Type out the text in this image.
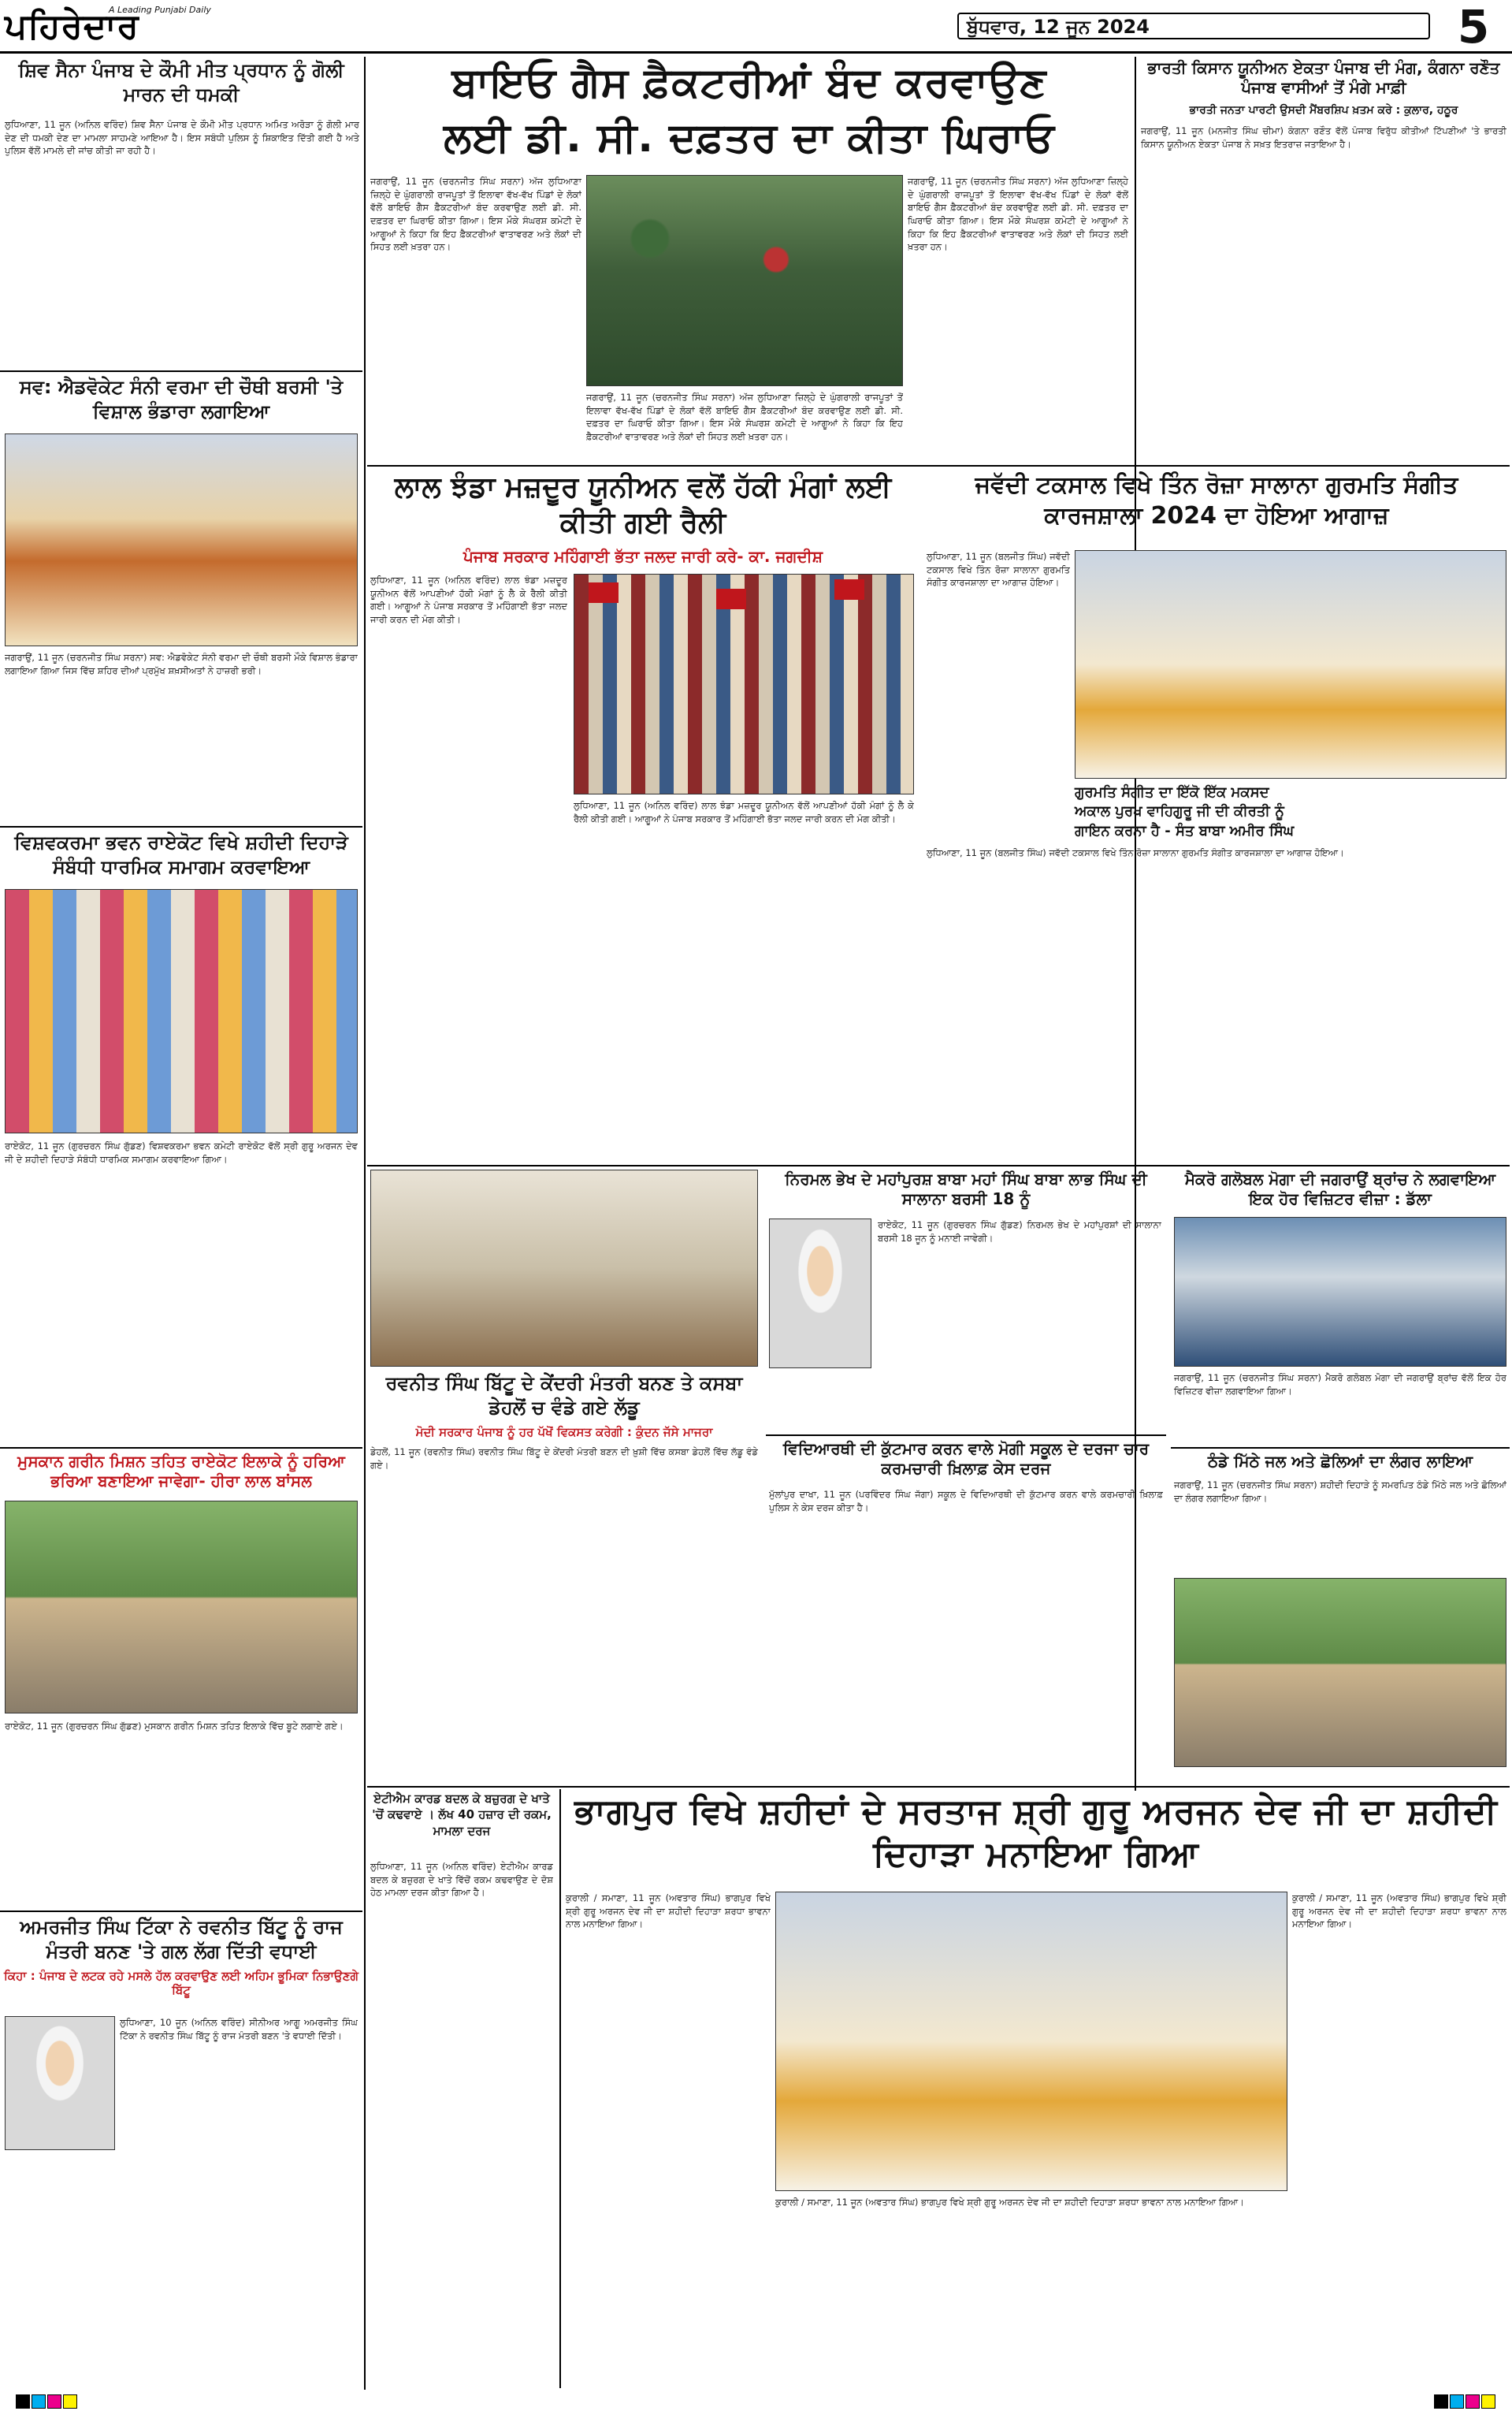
ਪਹਿਰੇਦਾਰ
A Leading Punjabi Daily
ਬੁੱਧਵਾਰ, 12 ਜੂਨ 2024	5
ਸ਼ਿਵ ਸੈਨਾ ਪੰਜਾਬ ਦੇ ਕੌਮੀ ਮੀਤ ਪ੍ਰਧਾਨ ਨੂੰ ਗੋਲੀ ਮਾਰਨ ਦੀ ਧਮਕੀ
ਲੁਧਿਆਣਾ, 11 ਜੂਨ (ਅਨਿਲ ਵਰਿੰਦ) ਸ਼ਿਵ ਸੈਨਾ ਪੰਜਾਬ ਦੇ ਕੌਮੀ ਮੀਤ ਪ੍ਰਧਾਨ ਅਮਿਤ ਅਰੋੜਾ ਨੂੰ ਗੋਲੀ ਮਾਰ ਦੇਣ ਦੀ ਧਮਕੀ ਦੇਣ ਦਾ ਮਾਮਲਾ ਸਾਹਮਣੇ ਆਇਆ ਹੈ। ਇਸ ਸਬੰਧੀ ਪੁਲਿਸ ਨੂੰ ਸ਼ਿਕਾਇਤ ਦਿੱਤੀ ਗਈ ਹੈ ਅਤੇ ਪੁਲਿਸ ਵੱਲੋਂ ਮਾਮਲੇ ਦੀ ਜਾਂਚ ਕੀਤੀ ਜਾ ਰਹੀ ਹੈ।
ਸਵ: ਐਡਵੋਕੇਟ ਸੰਨੀ ਵਰਮਾ ਦੀ ਚੌਥੀ ਬਰਸੀ 'ਤੇ ਵਿਸ਼ਾਲ ਭੰਡਾਰਾ ਲਗਾਇਆ
ਜਗਰਾਉਂ, 11 ਜੂਨ (ਚਰਨਜੀਤ ਸਿੰਘ ਸਰਨਾ) ਸਵ: ਐਡਵੋਕੇਟ ਸੰਨੀ ਵਰਮਾ ਦੀ ਚੌਥੀ ਬਰਸੀ ਮੌਕੇ ਵਿਸ਼ਾਲ ਭੰਡਾਰਾ ਲਗਾਇਆ ਗਿਆ ਜਿਸ ਵਿੱਚ ਸ਼ਹਿਰ ਦੀਆਂ ਪ੍ਰਮੁੱਖ ਸ਼ਖ਼ਸੀਅਤਾਂ ਨੇ ਹਾਜ਼ਰੀ ਭਰੀ।
ਵਿਸ਼ਵਕਰਮਾ ਭਵਨ ਰਾਏਕੋਟ ਵਿਖੇ ਸ਼ਹੀਦੀ ਦਿਹਾੜੇ ਸੰਬੰਧੀ ਧਾਰਮਿਕ ਸਮਾਗਮ ਕਰਵਾਇਆ
ਰਾਏਕੋਟ, 11 ਜੂਨ (ਗੁਰਚਰਨ ਸਿੰਘ ਗੁੱਡਣ) ਵਿਸ਼ਵਕਰਮਾ ਭਵਨ ਕਮੇਟੀ ਰਾਏਕੋਟ ਵੱਲੋਂ ਸ੍ਰੀ ਗੁਰੂ ਅਰਜਨ ਦੇਵ ਜੀ ਦੇ ਸ਼ਹੀਦੀ ਦਿਹਾੜੇ ਸੰਬੰਧੀ ਧਾਰਮਿਕ ਸਮਾਗਮ ਕਰਵਾਇਆ ਗਿਆ।
ਮੁਸਕਾਨ ਗਰੀਨ ਮਿਸ਼ਨ ਤਹਿਤ ਰਾਏਕੋਟ ਇਲਾਕੇ ਨੂੰ ਹਰਿਆ ਭਰਿਆ ਬਣਾਇਆ ਜਾਵੇਗਾ- ਹੀਰਾ ਲਾਲ ਬਾਂਸਲ
ਰਾਏਕੋਟ, 11 ਜੂਨ (ਗੁਰਚਰਨ ਸਿੰਘ ਗੁੱਡਣ) ਮੁਸਕਾਨ ਗਰੀਨ ਮਿਸ਼ਨ ਤਹਿਤ ਇਲਾਕੇ ਵਿੱਚ ਬੂਟੇ ਲਗਾਏ ਗਏ।
ਅਮਰਜੀਤ ਸਿੰਘ ਟਿੱਕਾ ਨੇ ਰਵਨੀਤ ਬਿੱਟੂ ਨੂੰ ਰਾਜ ਮੰਤਰੀ ਬਨਣ 'ਤੇ ਗਲ ਲੱਗ ਦਿੱਤੀ ਵਧਾਈ
ਕਿਹਾ : ਪੰਜਾਬ ਦੇ ਲਟਕ ਰਹੇ ਮਸਲੇ ਹੱਲ ਕਰਵਾਉਣ ਲਈ ਅਹਿਮ ਭੂਮਿਕਾ ਨਿਭਾਉਣਗੇ ਬਿੱਟੂ
ਲੁਧਿਆਣਾ, 10 ਜੂਨ (ਅਨਿਲ ਵਰਿੰਦ) ਸੀਨੀਅਰ ਆਗੂ ਅਮਰਜੀਤ ਸਿੰਘ ਟਿੱਕਾ ਨੇ ਰਵਨੀਤ ਸਿੰਘ ਬਿੱਟੂ ਨੂੰ ਰਾਜ ਮੰਤਰੀ ਬਣਨ 'ਤੇ ਵਧਾਈ ਦਿੱਤੀ।
ਬਾਇਓ ਗੈਸ ਫ਼ੈਕਟਰੀਆਂ ਬੰਦ ਕਰਵਾਉਣ
ਲਈ ਡੀ. ਸੀ. ਦਫ਼ਤਰ ਦਾ ਕੀਤਾ ਘਿਰਾਓ
ਜਗਰਾਉਂ, 11 ਜੂਨ (ਚਰਨਜੀਤ ਸਿੰਘ ਸਰਨਾ) ਅੱਜ ਲੁਧਿਆਣਾ ਜ਼ਿਲ੍ਹੇ ਦੇ ਘੁੰਗਰਾਲੀ ਰਾਜਪੂਤਾਂ ਤੋਂ ਇਲਾਵਾ ਵੱਖ-ਵੱਖ ਪਿੰਡਾਂ ਦੇ ਲੋਕਾਂ ਵੱਲੋਂ ਬਾਇਓ ਗੈਸ ਫ਼ੈਕਟਰੀਆਂ ਬੰਦ ਕਰਵਾਉਣ ਲਈ ਡੀ. ਸੀ. ਦਫ਼ਤਰ ਦਾ ਘਿਰਾਓ ਕੀਤਾ ਗਿਆ। ਇਸ ਮੌਕੇ ਸੰਘਰਸ਼ ਕਮੇਟੀ ਦੇ ਆਗੂਆਂ ਨੇ ਕਿਹਾ ਕਿ ਇਹ ਫ਼ੈਕਟਰੀਆਂ ਵਾਤਾਵਰਣ ਅਤੇ ਲੋਕਾਂ ਦੀ ਸਿਹਤ ਲਈ ਖ਼ਤਰਾ ਹਨ।
ਜਗਰਾਉਂ, 11 ਜੂਨ (ਚਰਨਜੀਤ ਸਿੰਘ ਸਰਨਾ) ਅੱਜ ਲੁਧਿਆਣਾ ਜ਼ਿਲ੍ਹੇ ਦੇ ਘੁੰਗਰਾਲੀ ਰਾਜਪੂਤਾਂ ਤੋਂ ਇਲਾਵਾ ਵੱਖ-ਵੱਖ ਪਿੰਡਾਂ ਦੇ ਲੋਕਾਂ ਵੱਲੋਂ ਬਾਇਓ ਗੈਸ ਫ਼ੈਕਟਰੀਆਂ ਬੰਦ ਕਰਵਾਉਣ ਲਈ ਡੀ. ਸੀ. ਦਫ਼ਤਰ ਦਾ ਘਿਰਾਓ ਕੀਤਾ ਗਿਆ। ਇਸ ਮੌਕੇ ਸੰਘਰਸ਼ ਕਮੇਟੀ ਦੇ ਆਗੂਆਂ ਨੇ ਕਿਹਾ ਕਿ ਇਹ ਫ਼ੈਕਟਰੀਆਂ ਵਾਤਾਵਰਣ ਅਤੇ ਲੋਕਾਂ ਦੀ ਸਿਹਤ ਲਈ ਖ਼ਤਰਾ ਹਨ।
ਜਗਰਾਉਂ, 11 ਜੂਨ (ਚਰਨਜੀਤ ਸਿੰਘ ਸਰਨਾ) ਅੱਜ ਲੁਧਿਆਣਾ ਜ਼ਿਲ੍ਹੇ ਦੇ ਘੁੰਗਰਾਲੀ ਰਾਜਪੂਤਾਂ ਤੋਂ ਇਲਾਵਾ ਵੱਖ-ਵੱਖ ਪਿੰਡਾਂ ਦੇ ਲੋਕਾਂ ਵੱਲੋਂ ਬਾਇਓ ਗੈਸ ਫ਼ੈਕਟਰੀਆਂ ਬੰਦ ਕਰਵਾਉਣ ਲਈ ਡੀ. ਸੀ. ਦਫ਼ਤਰ ਦਾ ਘਿਰਾਓ ਕੀਤਾ ਗਿਆ। ਇਸ ਮੌਕੇ ਸੰਘਰਸ਼ ਕਮੇਟੀ ਦੇ ਆਗੂਆਂ ਨੇ ਕਿਹਾ ਕਿ ਇਹ ਫ਼ੈਕਟਰੀਆਂ ਵਾਤਾਵਰਣ ਅਤੇ ਲੋਕਾਂ ਦੀ ਸਿਹਤ ਲਈ ਖ਼ਤਰਾ ਹਨ।
ਭਾਰਤੀ ਕਿਸਾਨ ਯੂਨੀਅਨ ਏਕਤਾ ਪੰਜਾਬ ਦੀ ਮੰਗ, ਕੰਗਨਾ ਰਣੌਤ ਪੰਜਾਬ ਵਾਸੀਆਂ ਤੋਂ ਮੰਗੇ ਮਾਫ਼ੀ
ਭਾਰਤੀ ਜਨਤਾ ਪਾਰਟੀ ਉਸਦੀ ਮੈਂਬਰਸ਼ਿਪ ਖ਼ਤਮ ਕਰੇ : ਕੁਲਾਰ, ਹਠੂਰ
ਜਗਰਾਉਂ, 11 ਜੂਨ (ਮਨਜੀਤ ਸਿੰਘ ਚੀਮਾ) ਕੰਗਨਾ ਰਣੌਤ ਵੱਲੋਂ ਪੰਜਾਬ ਵਿਰੁੱਧ ਕੀਤੀਆਂ ਟਿੱਪਣੀਆਂ 'ਤੇ ਭਾਰਤੀ ਕਿਸਾਨ ਯੂਨੀਅਨ ਏਕਤਾ ਪੰਜਾਬ ਨੇ ਸਖ਼ਤ ਇਤਰਾਜ਼ ਜਤਾਇਆ ਹੈ।
ਲਾਲ ਝੰਡਾ ਮਜ਼ਦੂਰ ਯੂਨੀਅਨ ਵਲੋਂ ਹੱਕੀ ਮੰਗਾਂ ਲਈ ਕੀਤੀ ਗਈ ਰੈਲੀ
ਪੰਜਾਬ ਸਰਕਾਰ ਮਹਿੰਗਾਈ ਭੱਤਾ ਜਲਦ ਜਾਰੀ ਕਰੇ- ਕਾ. ਜਗਦੀਸ਼
ਲੁਧਿਆਣਾ, 11 ਜੂਨ (ਅਨਿਲ ਵਰਿੰਦ) ਲਾਲ ਝੰਡਾ ਮਜ਼ਦੂਰ ਯੂਨੀਅਨ ਵੱਲੋਂ ਆਪਣੀਆਂ ਹੱਕੀ ਮੰਗਾਂ ਨੂੰ ਲੈ ਕੇ ਰੈਲੀ ਕੀਤੀ ਗਈ। ਆਗੂਆਂ ਨੇ ਪੰਜਾਬ ਸਰਕਾਰ ਤੋਂ ਮਹਿੰਗਾਈ ਭੱਤਾ ਜਲਦ ਜਾਰੀ ਕਰਨ ਦੀ ਮੰਗ ਕੀਤੀ।
ਲੁਧਿਆਣਾ, 11 ਜੂਨ (ਅਨਿਲ ਵਰਿੰਦ) ਲਾਲ ਝੰਡਾ ਮਜ਼ਦੂਰ ਯੂਨੀਅਨ ਵੱਲੋਂ ਆਪਣੀਆਂ ਹੱਕੀ ਮੰਗਾਂ ਨੂੰ ਲੈ ਕੇ ਰੈਲੀ ਕੀਤੀ ਗਈ। ਆਗੂਆਂ ਨੇ ਪੰਜਾਬ ਸਰਕਾਰ ਤੋਂ ਮਹਿੰਗਾਈ ਭੱਤਾ ਜਲਦ ਜਾਰੀ ਕਰਨ ਦੀ ਮੰਗ ਕੀਤੀ।
ਜਵੱਦੀ ਟਕਸਾਲ ਵਿਖੇ ਤਿੰਨ ਰੋਜ਼ਾ ਸਾਲਾਨਾ ਗੁਰਮਤਿ ਸੰਗੀਤ ਕਾਰਜਸ਼ਾਲਾ 2024 ਦਾ ਹੋਇਆ ਆਗਾਜ਼
ਲੁਧਿਆਣਾ, 11 ਜੂਨ (ਬਲਜੀਤ ਸਿੰਘ) ਜਵੱਦੀ ਟਕਸਾਲ ਵਿਖੇ ਤਿੰਨ ਰੋਜ਼ਾ ਸਾਲਾਨਾ ਗੁਰਮਤਿ ਸੰਗੀਤ ਕਾਰਜਸ਼ਾਲਾ ਦਾ ਆਗਾਜ਼ ਹੋਇਆ।
ਗੁਰਮਤਿ ਸੰਗੀਤ ਦਾ ਇੱਕੋ ਇੱਕ ਮਕਸਦ ਅਕਾਲ ਪੁਰਖ ਵਾਹਿਗੁਰੂ ਜੀ ਦੀ ਕੀਰਤੀ ਨੂੰ ਗਾਇਨ ਕਰਨਾ ਹੈ - ਸੰਤ ਬਾਬਾ ਅਮੀਰ ਸਿੰਘ
ਲੁਧਿਆਣਾ, 11 ਜੂਨ (ਬਲਜੀਤ ਸਿੰਘ) ਜਵੱਦੀ ਟਕਸਾਲ ਵਿਖੇ ਤਿੰਨ ਰੋਜ਼ਾ ਸਾਲਾਨਾ ਗੁਰਮਤਿ ਸੰਗੀਤ ਕਾਰਜਸ਼ਾਲਾ ਦਾ ਆਗਾਜ਼ ਹੋਇਆ।
ਰਵਨੀਤ ਸਿੰਘ ਬਿੱਟੂ ਦੇ ਕੇਂਦਰੀ ਮੰਤਰੀ ਬਨਣ ਤੇ ਕਸਬਾ ਡੇਹਲੋਂ ਚ ਵੰਡੇ ਗਏ ਲੱਡੂ
ਮੋਦੀ ਸਰਕਾਰ ਪੰਜਾਬ ਨੂੰ ਹਰ ਪੱਖੋਂ ਵਿਕਸਤ ਕਰੇਗੀ : ਕੁੰਦਨ ਜੱਸੇ ਮਾਜਰਾ
ਡੇਹਲੋਂ, 11 ਜੂਨ (ਰਵਨੀਤ ਸਿੰਘ) ਰਵਨੀਤ ਸਿੰਘ ਬਿੱਟੂ ਦੇ ਕੇਂਦਰੀ ਮੰਤਰੀ ਬਣਨ ਦੀ ਖ਼ੁਸ਼ੀ ਵਿੱਚ ਕਸਬਾ ਡੇਹਲੋਂ ਵਿੱਚ ਲੱਡੂ ਵੰਡੇ ਗਏ।
ਨਿਰਮਲ ਭੇਖ ਦੇ ਮਹਾਂਪੁਰਸ਼ ਬਾਬਾ ਮਹਾਂ ਸਿੰਘ ਬਾਬਾ ਲਾਭ ਸਿੰਘ ਦੀ ਸਾਲਾਨਾ ਬਰਸੀ 18 ਨੂੰ
ਰਾਏਕੋਟ, 11 ਜੂਨ (ਗੁਰਚਰਨ ਸਿੰਘ ਗੁੱਡਣ) ਨਿਰਮਲ ਭੇਖ ਦੇ ਮਹਾਂਪੁਰਸ਼ਾਂ ਦੀ ਸਾਲਾਨਾ ਬਰਸੀ 18 ਜੂਨ ਨੂੰ ਮਨਾਈ ਜਾਵੇਗੀ।
ਵਿਦਿਆਰਥੀ ਦੀ ਕੁੱਟਮਾਰ ਕਰਨ ਵਾਲੇ ਮੋਗੀ ਸਕੂਲ ਦੇ ਦਰਜਾ ਚਾਰ ਕਰਮਚਾਰੀ ਖ਼ਿਲਾਫ਼ ਕੇਸ ਦਰਜ
ਮੁੱਲਾਂਪੁਰ ਦਾਖਾ, 11 ਜੂਨ (ਪਰਵਿੰਦਰ ਸਿੰਘ ਜੱਗਾ) ਸਕੂਲ ਦੇ ਵਿਦਿਆਰਥੀ ਦੀ ਕੁੱਟਮਾਰ ਕਰਨ ਵਾਲੇ ਕਰਮਚਾਰੀ ਖ਼ਿਲਾਫ਼ ਪੁਲਿਸ ਨੇ ਕੇਸ ਦਰਜ ਕੀਤਾ ਹੈ।
ਮੈਕਰੋ ਗਲੋਬਲ ਮੋਗਾ ਦੀ ਜਗਰਾਉਂ ਬ੍ਰਾਂਚ ਨੇ ਲਗਵਾਇਆ ਇਕ ਹੋਰ ਵਿਜ਼ਿਟਰ ਵੀਜ਼ਾ : ਡੱਲਾ
ਜਗਰਾਉਂ, 11 ਜੂਨ (ਚਰਨਜੀਤ ਸਿੰਘ ਸਰਨਾ) ਮੈਕਰੋ ਗਲੋਬਲ ਮੋਗਾ ਦੀ ਜਗਰਾਉਂ ਬ੍ਰਾਂਚ ਵੱਲੋਂ ਇਕ ਹੋਰ ਵਿਜ਼ਿਟਰ ਵੀਜ਼ਾ ਲਗਵਾਇਆ ਗਿਆ।
ਠੰਡੇ ਮਿੱਠੇ ਜਲ ਅਤੇ ਛੋਲਿਆਂ ਦਾ ਲੰਗਰ ਲਾਇਆ
ਜਗਰਾਉਂ, 11 ਜੂਨ (ਚਰਨਜੀਤ ਸਿੰਘ ਸਰਨਾ) ਸ਼ਹੀਦੀ ਦਿਹਾੜੇ ਨੂੰ ਸਮਰਪਿਤ ਠੰਡੇ ਮਿੱਠੇ ਜਲ ਅਤੇ ਛੋਲਿਆਂ ਦਾ ਲੰਗਰ ਲਗਾਇਆ ਗਿਆ।
ਏਟੀਐਮ ਕਾਰਡ ਬਦਲ ਕੇ ਬਜ਼ੁਰਗ ਦੇ ਖਾਤੇ 'ਚੋਂ ਕਢਵਾਏ । ਲੱਖ 40 ਹਜ਼ਾਰ ਦੀ ਰਕਮ, ਮਾਮਲਾ ਦਰਜ
ਲੁਧਿਆਣਾ, 11 ਜੂਨ (ਅਨਿਲ ਵਰਿੰਦ) ਏਟੀਐਮ ਕਾਰਡ ਬਦਲ ਕੇ ਬਜ਼ੁਰਗ ਦੇ ਖਾਤੇ ਵਿੱਚੋਂ ਰਕਮ ਕਢਵਾਉਣ ਦੇ ਦੋਸ਼ ਹੇਠ ਮਾਮਲਾ ਦਰਜ ਕੀਤਾ ਗਿਆ ਹੈ।
ਭਾਗਪੁਰ ਵਿਖੇ ਸ਼ਹੀਦਾਂ ਦੇ ਸਰਤਾਜ ਸ਼੍ਰੀ ਗੁਰੂ ਅਰਜਨ ਦੇਵ ਜੀ ਦਾ ਸ਼ਹੀਦੀ ਦਿਹਾੜਾ ਮਨਾਇਆ ਗਿਆ
ਕੁਰਾਲੀ / ਸਮਾਣਾ, 11 ਜੂਨ (ਅਵਤਾਰ ਸਿੰਘ) ਭਾਗਪੁਰ ਵਿਖੇ ਸ਼੍ਰੀ ਗੁਰੂ ਅਰਜਨ ਦੇਵ ਜੀ ਦਾ ਸ਼ਹੀਦੀ ਦਿਹਾੜਾ ਸ਼ਰਧਾ ਭਾਵਨਾ ਨਾਲ ਮਨਾਇਆ ਗਿਆ।
ਕੁਰਾਲੀ / ਸਮਾਣਾ, 11 ਜੂਨ (ਅਵਤਾਰ ਸਿੰਘ) ਭਾਗਪੁਰ ਵਿਖੇ ਸ਼੍ਰੀ ਗੁਰੂ ਅਰਜਨ ਦੇਵ ਜੀ ਦਾ ਸ਼ਹੀਦੀ ਦਿਹਾੜਾ ਸ਼ਰਧਾ ਭਾਵਨਾ ਨਾਲ ਮਨਾਇਆ ਗਿਆ।
ਕੁਰਾਲੀ / ਸਮਾਣਾ, 11 ਜੂਨ (ਅਵਤਾਰ ਸਿੰਘ) ਭਾਗਪੁਰ ਵਿਖੇ ਸ਼੍ਰੀ ਗੁਰੂ ਅਰਜਨ ਦੇਵ ਜੀ ਦਾ ਸ਼ਹੀਦੀ ਦਿਹਾੜਾ ਸ਼ਰਧਾ ਭਾਵਨਾ ਨਾਲ ਮਨਾਇਆ ਗਿਆ।
